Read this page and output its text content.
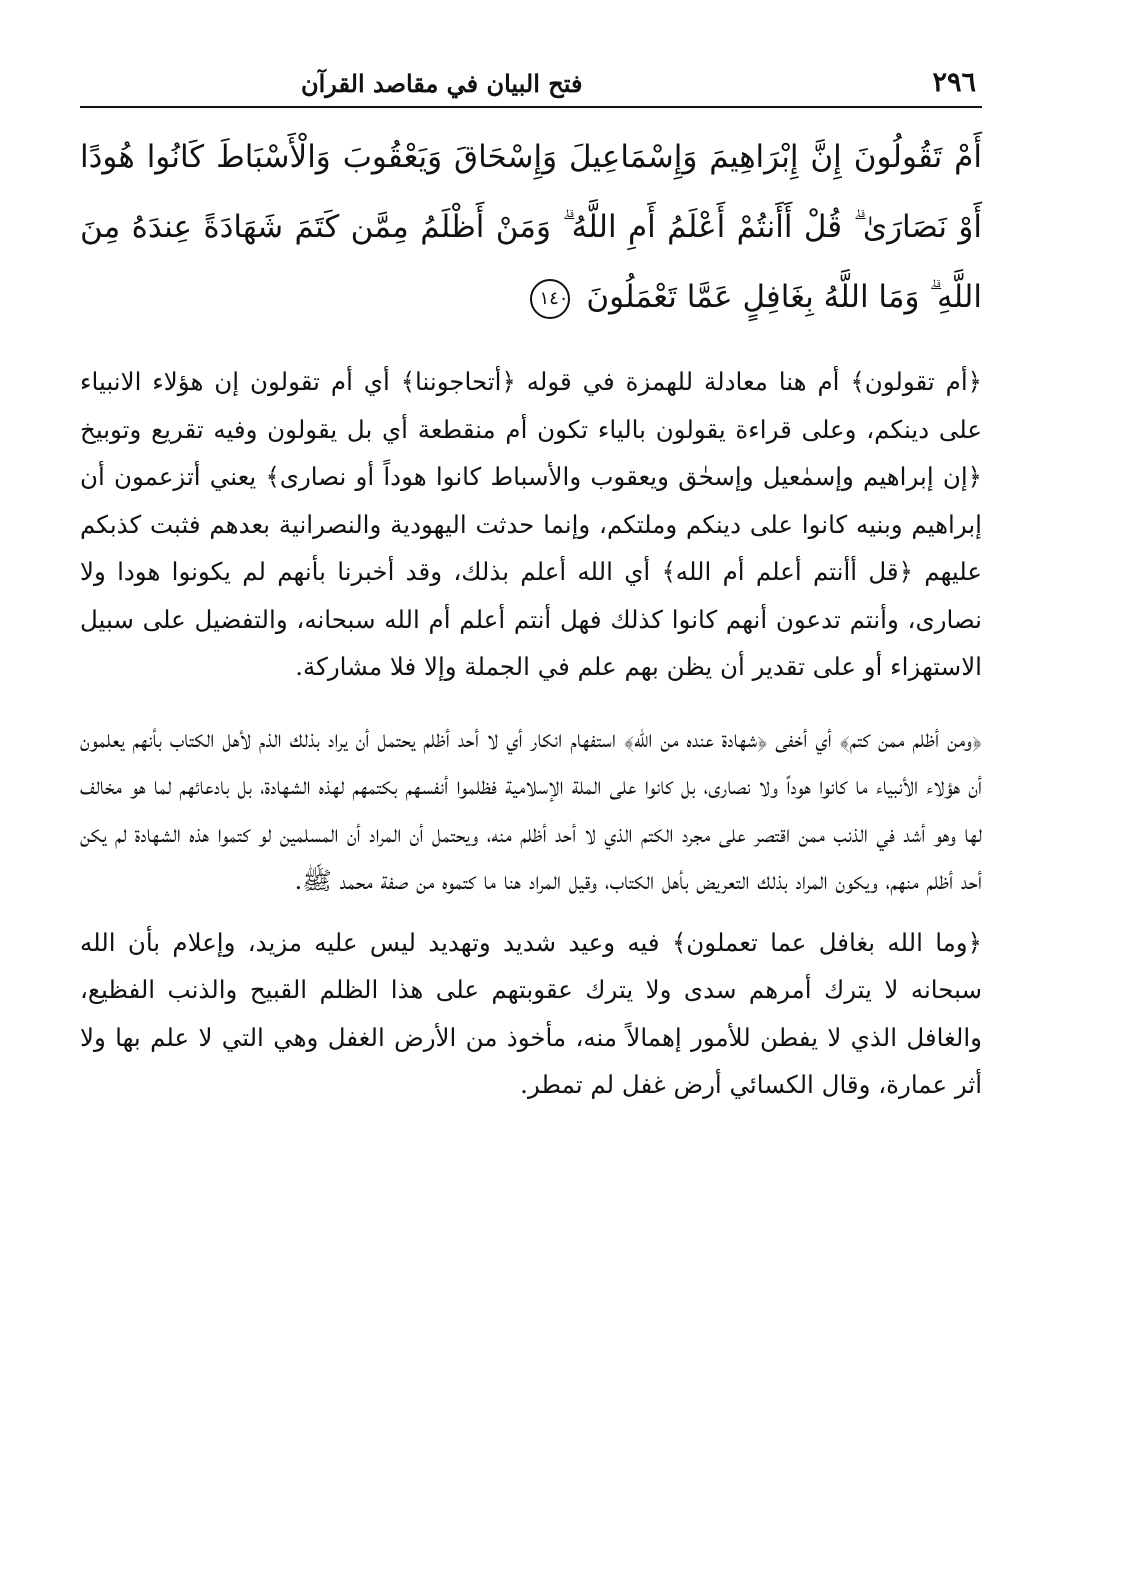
فتح البيان في مقاصد القرآن	٢٩٦
أَمْ تَقُولُونَ إِنَّ إِبْرَاهِيمَ وَإِسْمَاعِيلَ وَإِسْحَاقَ وَيَعْقُوبَ وَالْأَسْبَاطَ كَانُوا هُودًا أَوْ نَصَارَىٰ ۗ قُلْ أَأَنتُمْ أَعْلَمُ أَمِ اللَّهُ ۗ وَمَنْ أَظْلَمُ مِمَّن كَتَمَ شَهَادَةً عِندَهُ مِنَ اللَّهِ ۗ وَمَا اللَّهُ بِغَافِلٍ عَمَّا تَعْمَلُونَ ١٤٠

﴿أم تقولون﴾ أم هنا معادلة للهمزة في قوله ﴿أتحاجوننا﴾ أي أم تقولون إن هؤلاء الانبياء على دينكم، وعلى قراءة يقولون بالياء تكون أم منقطعة أي بل يقولون وفيه تقريع وتوبيخ ﴿إن إبراهيم وإسمٰعيل وإسحٰق ويعقوب والأسباط كانوا هوداً أو نصارى﴾ يعني أتزعمون أن إبراهيم وبنيه كانوا على دينكم وملتكم، وإنما حدثت اليهودية والنصرانية بعدهم فثبت كذبكم عليهم ﴿قل أأنتم أعلم أم الله﴾ أي الله أعلم بذلك، وقد أخبرنا بأنهم لم يكونوا هودا ولا نصارى، وأنتم تدعون أنهم كانوا كذلك فهل أنتم أعلم أم الله سبحانه، والتفضيل على سبيل الاستهزاء أو على تقدير أن يظن بهم علم في الجملة وإلا فلا مشاركة.

﴿ومن أظلم ممن كتم﴾ أي أخفى ﴿شهادة عنده من الله﴾ استفهام انكار أي لا أحد أظلم يحتمل أن يراد بذلك الذم لأهل الكتاب بأنهم يعلمون أن هؤلاء الأنبياء ما كانوا هوداً ولا نصارى، بل كانوا على الملة الإسلامية فظلموا أنفسهم بكتمهم لهذه الشهادة، بل بادعائهم لما هو مخالف لها وهو أشد في الذنب ممن اقتصر على مجرد الكتم الذي لا أحد أظلم منه، ويحتمل أن المراد أن المسلمين لو كتموا هذه الشهادة لم يكن أحد أظلم منهم، ويكون المراد بذلك التعريض بأهل الكتاب، وقيل المراد هنا ما كتموه من صفة محمد ﷺ.

﴿وما الله بغافل عما تعملون﴾ فيه وعيد شديد وتهديد ليس عليه مزيد، وإعلام بأن الله سبحانه لا يترك أمرهم سدى ولا يترك عقوبتهم على هذا الظلم القبيح والذنب الفظيع، والغافل الذي لا يفطن للأمور إهمالاً منه، مأخوذ من الأرض الغفل وهي التي لا علم بها ولا أثر عمارة، وقال الكسائي أرض غفل لم تمطر.
